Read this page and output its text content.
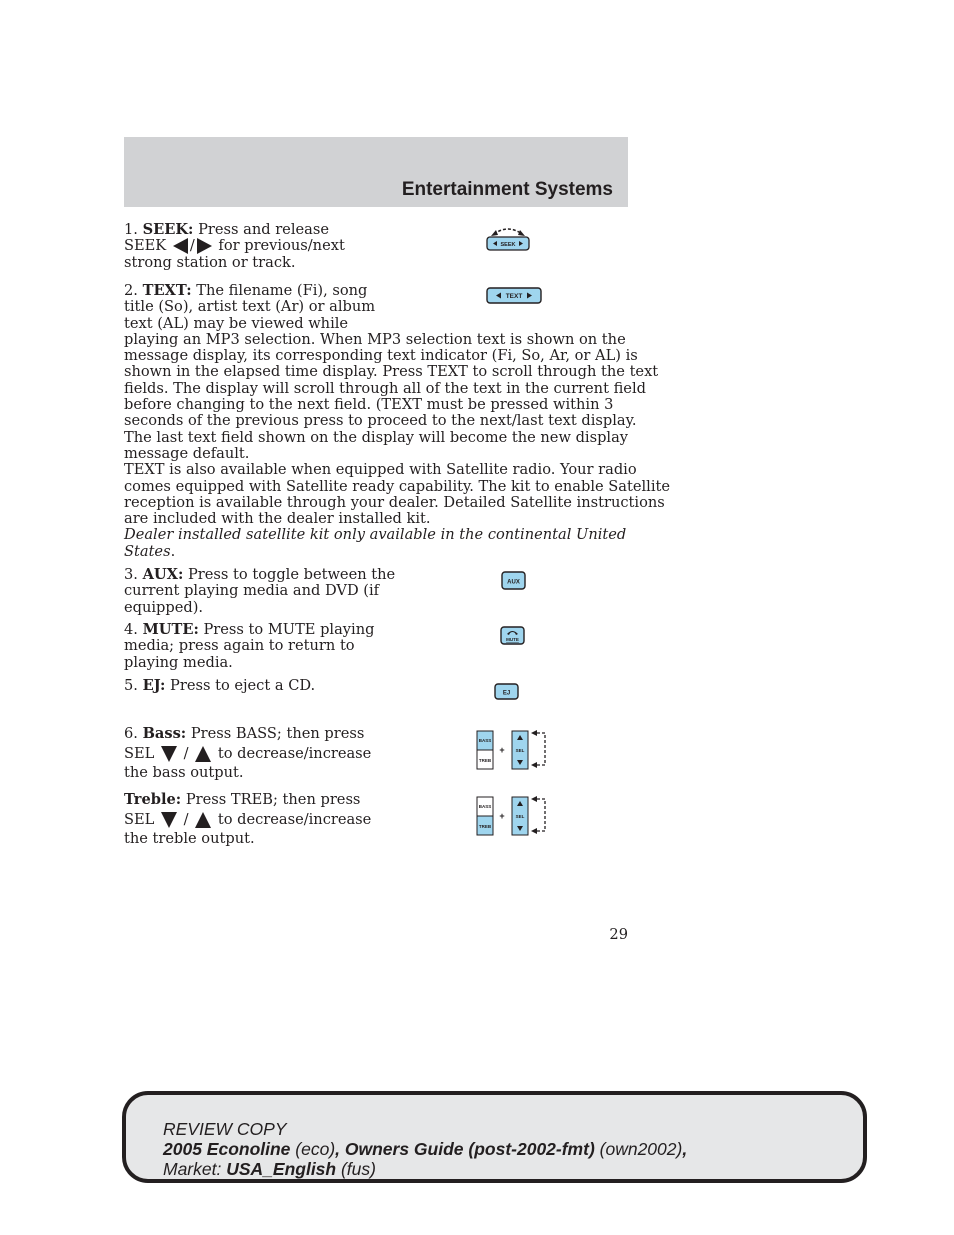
Entertainment Systems

1. SEEK: Press and release
SEEK / for previous/next
strong station or track.

SEEK

2. TEXT: The filename (Fi), song
title (So), artist text (Ar) or album
text (AL) may be viewed while
playing an MP3 selection. When MP3 selection text is shown on the
message display, its corresponding text indicator (Fi, So, Ar, or AL) is
shown in the elapsed time display. Press TEXT to scroll through the text
fields. The display will scroll through all of the text in the current field
before changing to the next field. (TEXT must be pressed within 3
seconds of the previous press to proceed to the next/last text display.
The last text field shown on the display will become the new display
message default.
TEXT is also available when equipped with Satellite radio. Your radio
comes equipped with Satellite ready capability. The kit to enable Satellite
reception is available through your dealer. Detailed Satellite instructions
are included with the dealer installed kit.
Dealer installed satellite kit only available in the continental United
States.

TEXT

3. AUX: Press to toggle between the
current playing media and DVD (if
equipped).

AUX

4. MUTE: Press to MUTE playing
media; press again to return to
playing media.

MUTE

5. EJ: Press to eject a CD.	EJ

6. Bass: Press BASS; then press
SEL / to decrease/increase
the bass output.

BASS
TREB
+ SEL

Treble: Press TREB; then press
SEL / to decrease/increase
the treble output.

BASS
TREB
+ SEL
29
REVIEW COPY
2005 Econoline (eco), Owners Guide (post-2002-fmt) (own2002),
Market: USA_English (fus)
